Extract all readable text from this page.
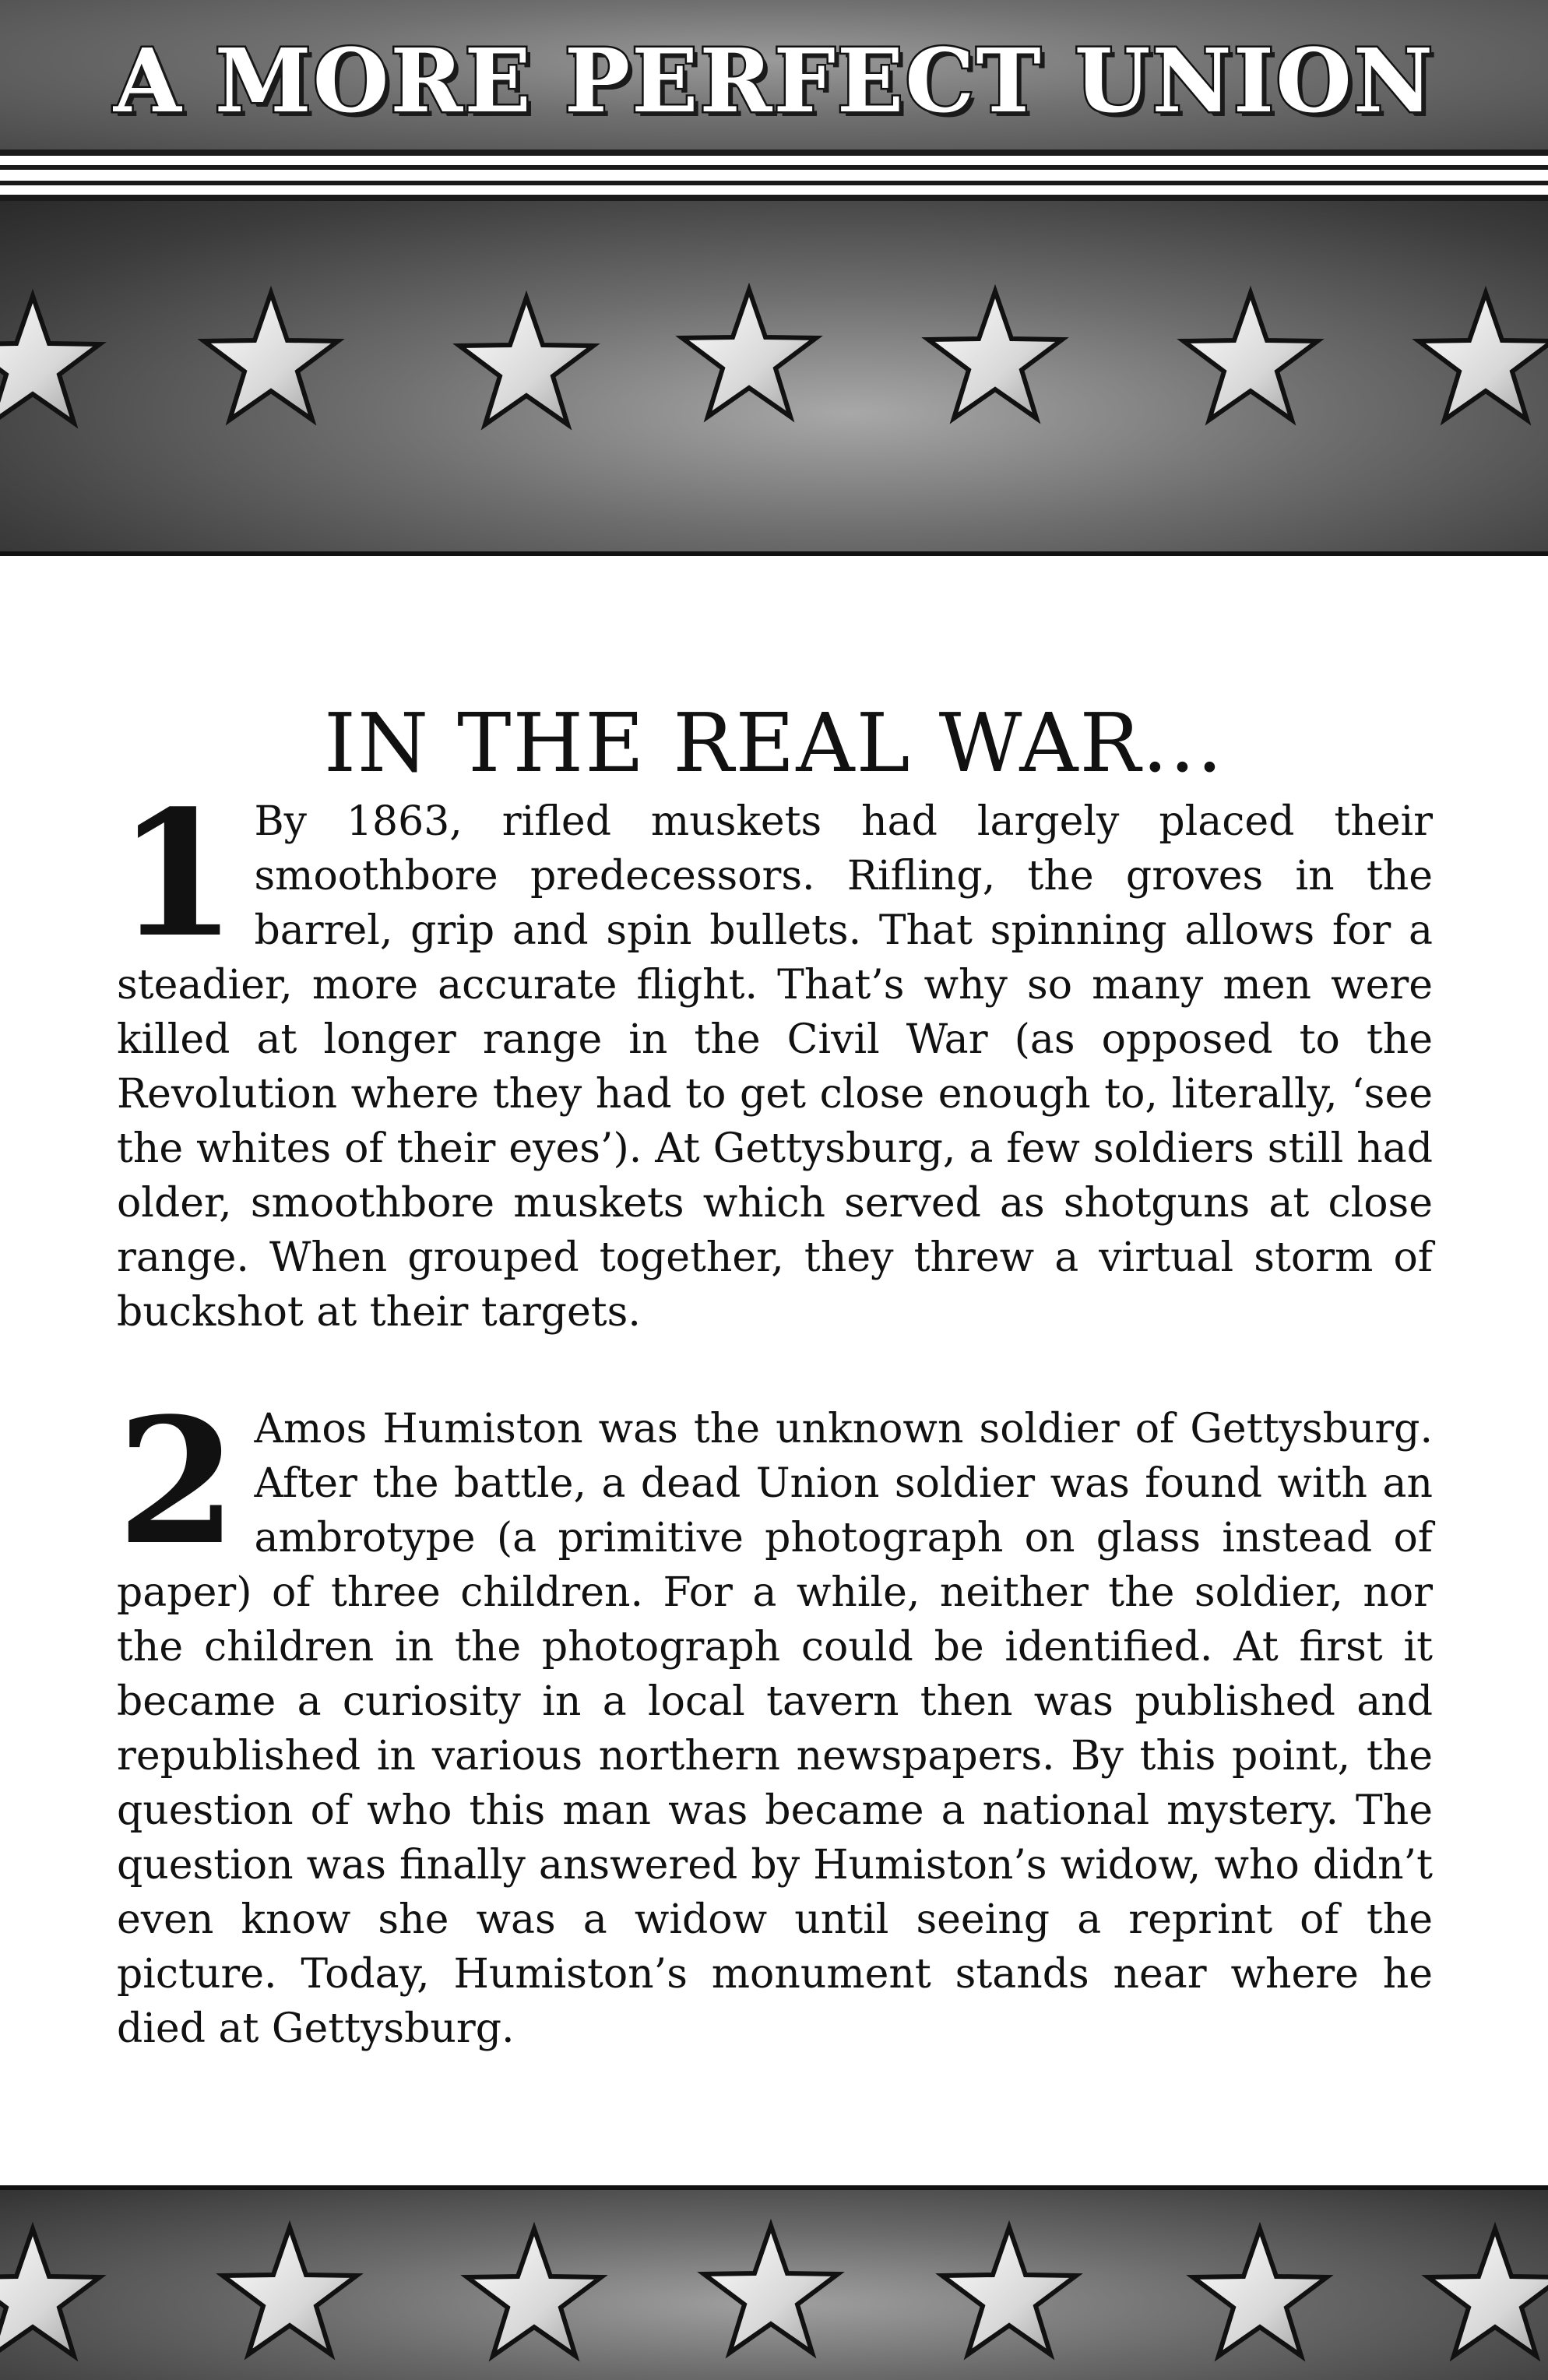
A MORE PERFECT UNION
IN THE REAL WAR...

1 By 1863, rifled muskets had largely placed their smoothbore predecessors. Rifling, the groves in the barrel, grip and spin bullets. That spinning allows for a steadier, more accurate flight. That’s why so many men were killed at longer range in the Civil War (as opposed to the Revolution where they had to get close enough to, literally, ‘see the whites of their eyes’). At Gettysburg, a few soldiers still had older, smoothbore muskets which served as shotguns at close range. When grouped together, they threw a virtual storm of buckshot at their targets.

2 Amos Humiston was the unknown soldier of Gettysburg. After the battle, a dead Union soldier was found with an ambrotype (a primitive photograph on glass instead of paper) of three children. For a while, neither the soldier, nor the children in the photograph could be identified. At first it became a curiosity in a local tavern then was published and republished in various northern newspapers. By this point, the question of who this man was became a national mystery. The question was finally answered by Humiston’s widow, who didn’t even know she was a widow until seeing a reprint of the picture. Today, Humiston’s monument stands near where he died at Gettysburg.
